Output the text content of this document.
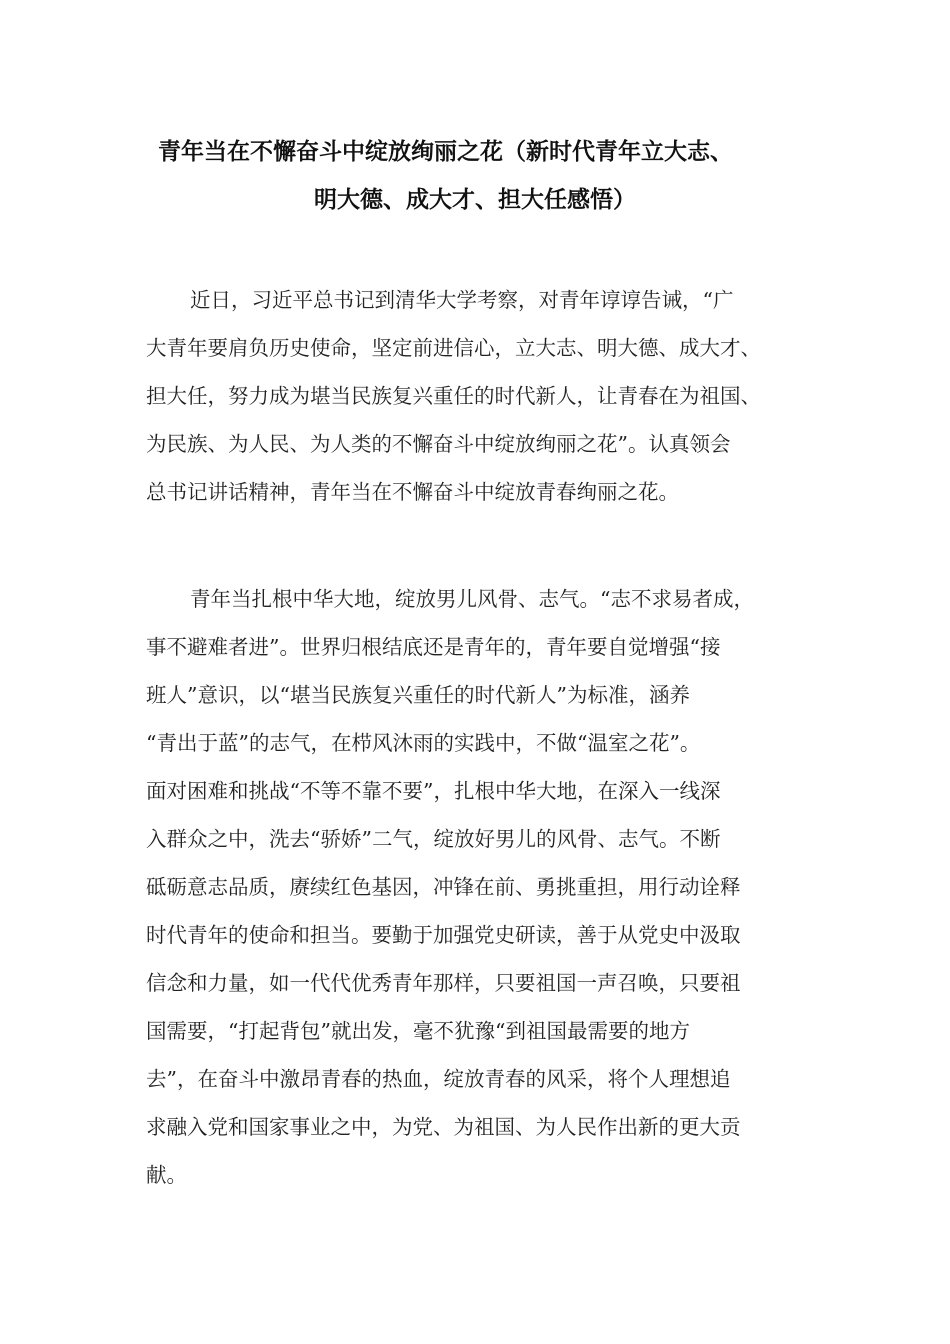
青年当在不懈奋斗中绽放绚丽之花（新时代青年立大志、
明大德、成大才、担大任感悟）
近日，习近平总书记到清华大学考察，对青年谆谆告诫，“广
大青年要肩负历史使命，坚定前进信心，立大志、明大德、成大才、
担大任，努力成为堪当民族复兴重任的时代新人，让青春在为祖国、
为民族、为人民、为人类的不懈奋斗中绽放绚丽之花”。认真领会
总书记讲话精神，青年当在不懈奋斗中绽放青春绚丽之花。
青年当扎根中华大地，绽放男儿风骨、志气。“志不求易者成，
事不避难者进”。世界归根结底还是青年的，青年要自觉增强“接
班人”意识，以“堪当民族复兴重任的时代新人”为标准，涵养
“青出于蓝”的志气，在栉风沐雨的实践中，不做“温室之花”。
面对困难和挑战“不等不靠不要”，扎根中华大地，在深入一线深
入群众之中，洗去“骄娇”二气，绽放好男儿的风骨、志气。不断
砥砺意志品质，赓续红色基因，冲锋在前、勇挑重担，用行动诠释
时代青年的使命和担当。要勤于加强党史研读，善于从党史中汲取
信念和力量，如一代代优秀青年那样，只要祖国一声召唤，只要祖
国需要，“打起背包”就出发，毫不犹豫“到祖国最需要的地方
去”，在奋斗中激昂青春的热血，绽放青春的风采，将个人理想追
求融入党和国家事业之中，为党、为祖国、为人民作出新的更大贡
献。
